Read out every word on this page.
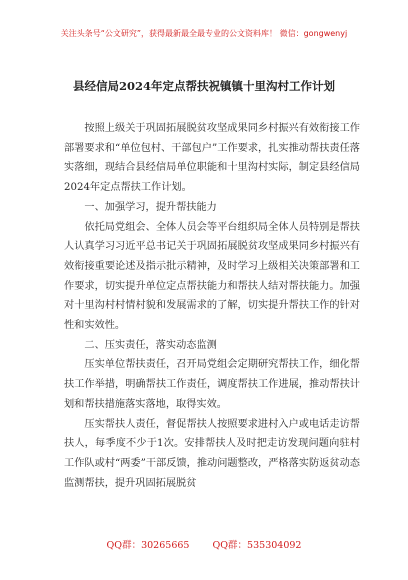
关注头条号“公文研究”，获得最新最全最专业的公文资料库！ 微信：gongwenyj
县经信局2024年定点帮扶祝镇镇十里沟村工作计划

按照上级关于巩固拓展脱贫攻坚成果同乡村振兴有效衔接工作部署要求和“单位包村、干部包户”工作要求，扎实推动帮扶责任落实落细，现结合县经信局单位职能和十里沟村实际，制定县经信局2024年定点帮扶工作计划。

一、加强学习，提升帮扶能力

依托局党组会、全体人员会等平台组织局全体人员特别是帮扶人认真学习习近平总书记关于巩固拓展脱贫攻坚成果同乡村振兴有效衔接重要论述及指示批示精神，及时学习上级相关决策部署和工作要求，切实提升单位定点帮扶能力和帮扶人结对帮扶能力。加强对十里沟村村情村貌和发展需求的了解，切实提升帮扶工作的针对性和实效性。

二、压实责任，落实动态监测

压实单位帮扶责任，召开局党组会定期研究帮扶工作，细化帮扶工作举措，明确帮扶工作责任，调度帮扶工作进展，推动帮扶计划和帮扶措施落实落地，取得实效。

压实帮扶人责任，督促帮扶人按照要求进村入户或电话走访帮扶人，每季度不少于1次。安排帮扶人及时把走访发现问题向驻村工作队或村“两委”干部反馈，推动问题整改，严格落实防返贫动态监测帮扶，提升巩固拓展脱贫

QQ群：30265665 QQ群：535304092
